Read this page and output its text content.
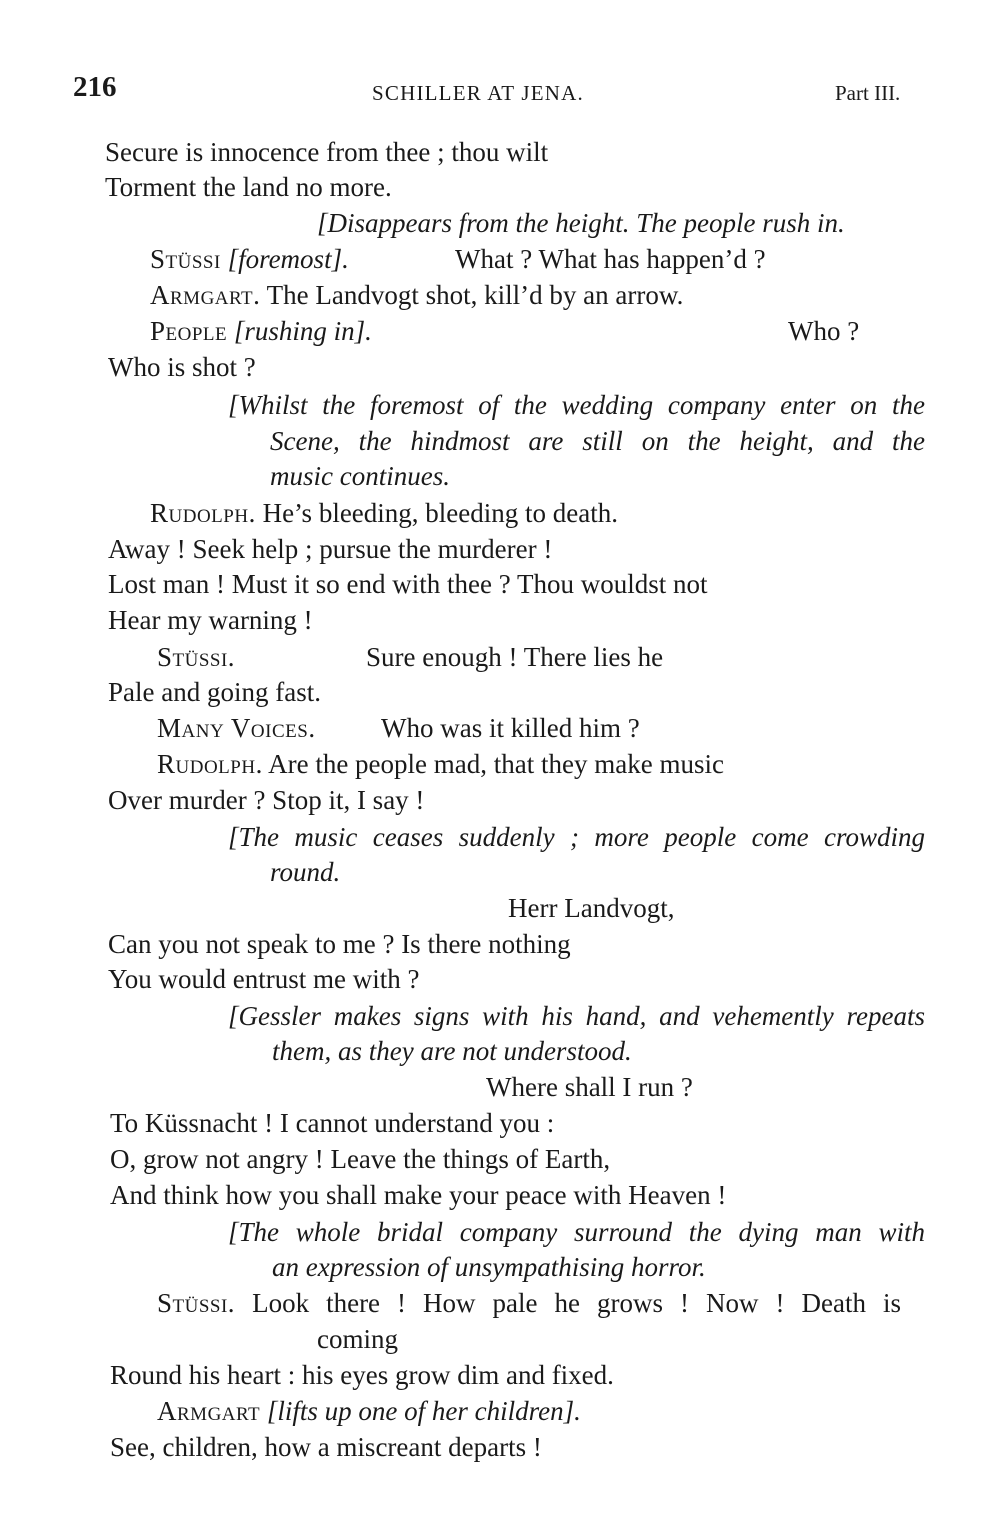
216	SCHILLER AT JENA.	Part III.
Secure is innocence from thee ; thou wilt
Torment the land no more.
[Disappears from the height. The people rush in.
Stüssi [foremost].	What ? What has happen’d ?
Armgart. The Landvogt shot, kill’d by an arrow.
People [rushing in].	Who ?
Who is shot ?
[Whilst the foremost of the wedding company enter on the
Scene, the hindmost are still on the height, and the
music continues.
Rudolph. He’s bleeding, bleeding to death.
Away ! Seek help ; pursue the murderer !
Lost man ! Must it so end with thee ? Thou wouldst not
Hear my warning !
Stüssi.	Sure enough ! There lies he
Pale and going fast.
Many Voices. Who was it killed him ?
Rudolph. Are the people mad, that they make music
Over murder ? Stop it, I say !
[The music ceases suddenly ; more people come crowding
round.
Herr Landvogt,
Can you not speak to me ? Is there nothing
You would entrust me with ?
[Gessler makes signs with his hand, and vehemently repeats
them, as they are not understood.
Where shall I run ?
To Küssnacht ! I cannot understand you :
O, grow not angry ! Leave the things of Earth,
And think how you shall make your peace with Heaven !
[The whole bridal company surround the dying man with
an expression of unsympathising horror.
Stüssi. Look there ! How pale he grows ! Now ! Death is
coming
Round his heart : his eyes grow dim and fixed.
Armgart [lifts up one of her children].
See, children, how a miscreant departs !
